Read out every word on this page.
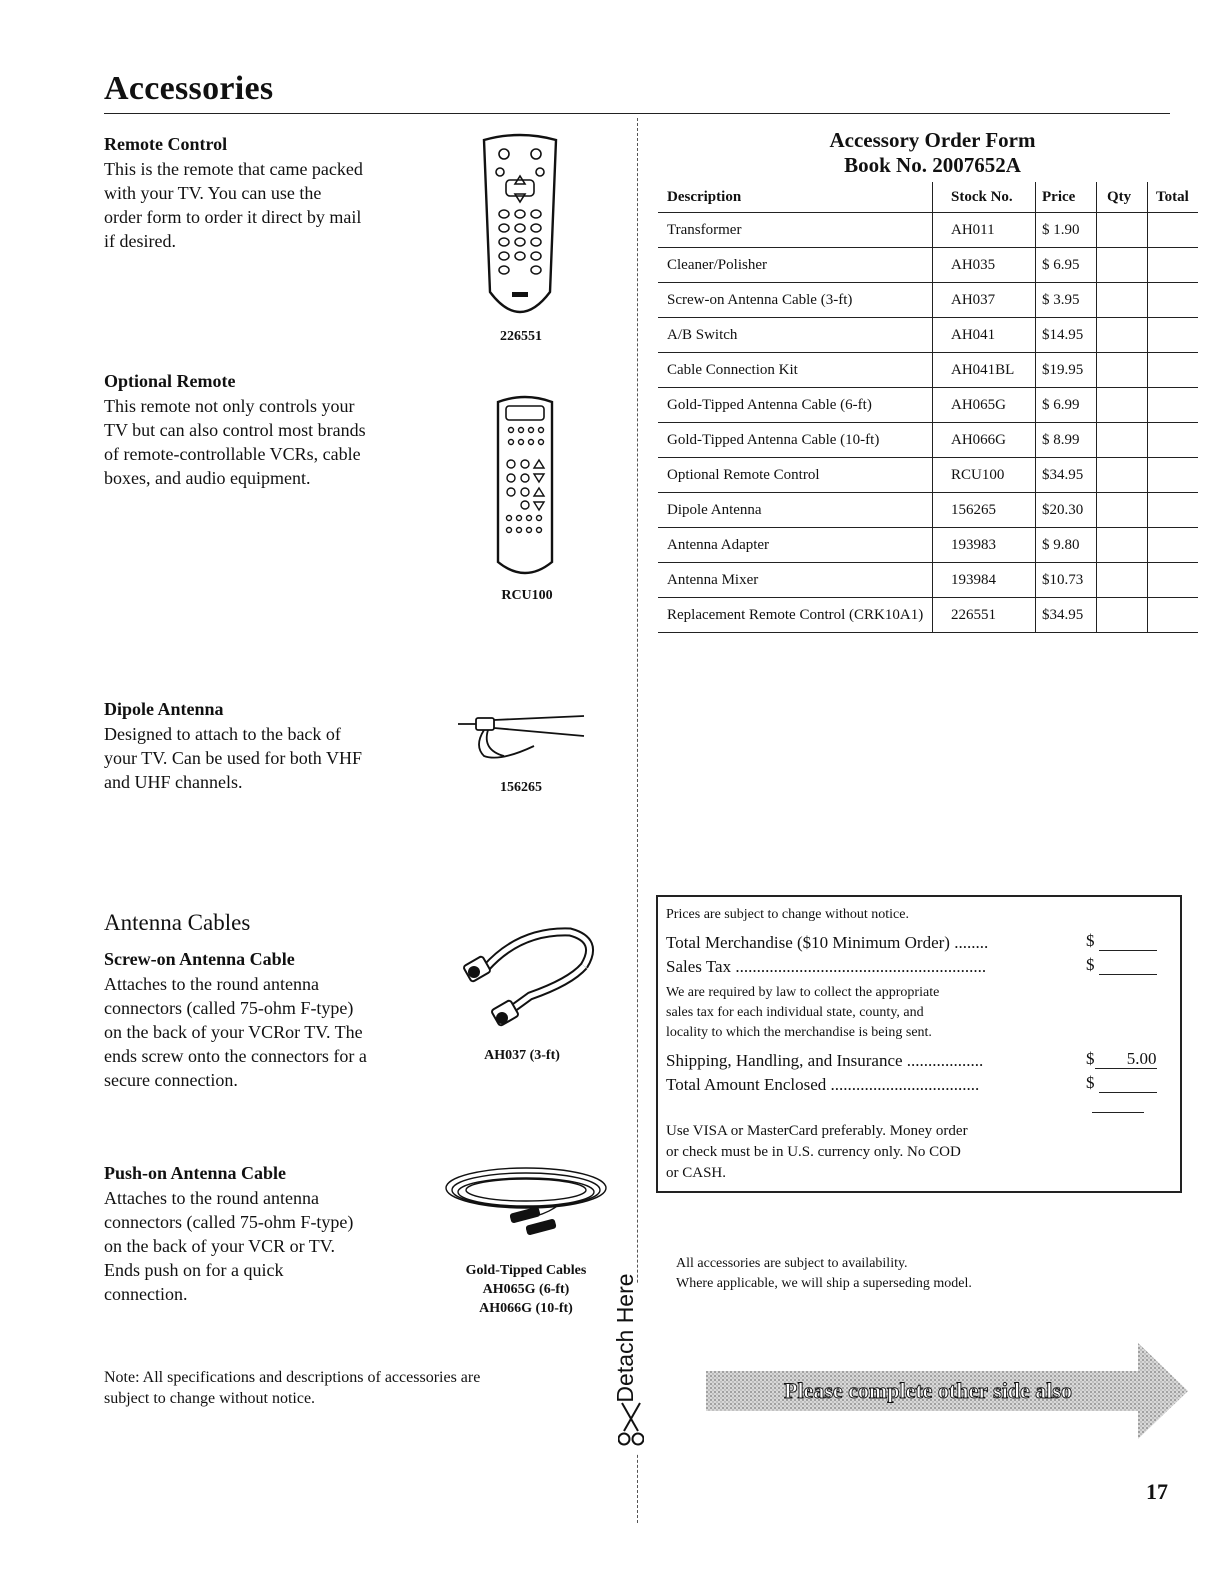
Accessories
Remote Control
This is the remote that came packed
with your TV. You can use the
order form to order it direct by mail
if desired.
226551
Optional Remote
This remote not only controls your
TV but can also control most brands
of remote-controllable VCRs, cable
boxes, and audio equipment.
RCU100
Dipole Antenna
Designed to attach to the back of
your TV. Can be used for both VHF
and UHF channels.	156265
Antenna Cables
Screw-on Antenna Cable
Attaches to the round antenna
connectors (called 75-ohm F-type)
on the back of your VCRor TV. The
ends screw onto the connectors for a
secure connection.
AH037 (3-ft)
Push-on Antenna Cable
Attaches to the round antenna
connectors (called 75-ohm F-type)
on the back of your VCR or TV.
Ends push on for a quick
connection.
Gold-Tipped Cables
AH065G (6-ft)
AH066G (10-ft)
Note: All specifications and descriptions of accessories are
subject to change without notice.	Detach Here
Accessory Order Form
Book No. 2007652A
Description	Stock No.	Price	Qty	Total
Transformer	AH011	$ 1.90		
Cleaner/Polisher	AH035	$ 6.95		
Screw-on Antenna Cable (3-ft)	AH037	$ 3.95		
A/B Switch	AH041	$14.95		
Cable Connection Kit	AH041BL	$19.95		
Gold-Tipped Antenna Cable (6-ft)	AH065G	$ 6.99		
Gold-Tipped Antenna Cable (10-ft)	AH066G	$ 8.99		
Optional Remote Control	RCU100	$34.95		
Dipole Antenna	156265	$20.30		
Antenna Adapter	193983	$ 9.80		
Antenna Mixer	193984	$10.73		
Replacement Remote Control (CRK10A1)	226551	$34.95		
Prices are subject to change without notice.
Total Merchandise ($10 Minimum Order) ........	$
Sales Tax ...........................................................	$
We are required by law to collect the appropriate
sales tax for each individual state, county, and
locality to which the merchandise is being sent.
Shipping, Handling, and Insurance ..................	$ 5.00
Total Amount Enclosed ...................................	$
Use VISA or MasterCard preferably. Money order
or check must be in U.S. currency only. No COD
or CASH.
All accessories are subject to availability.
Where applicable, we will ship a superseding model.
Please complete other side also
17
